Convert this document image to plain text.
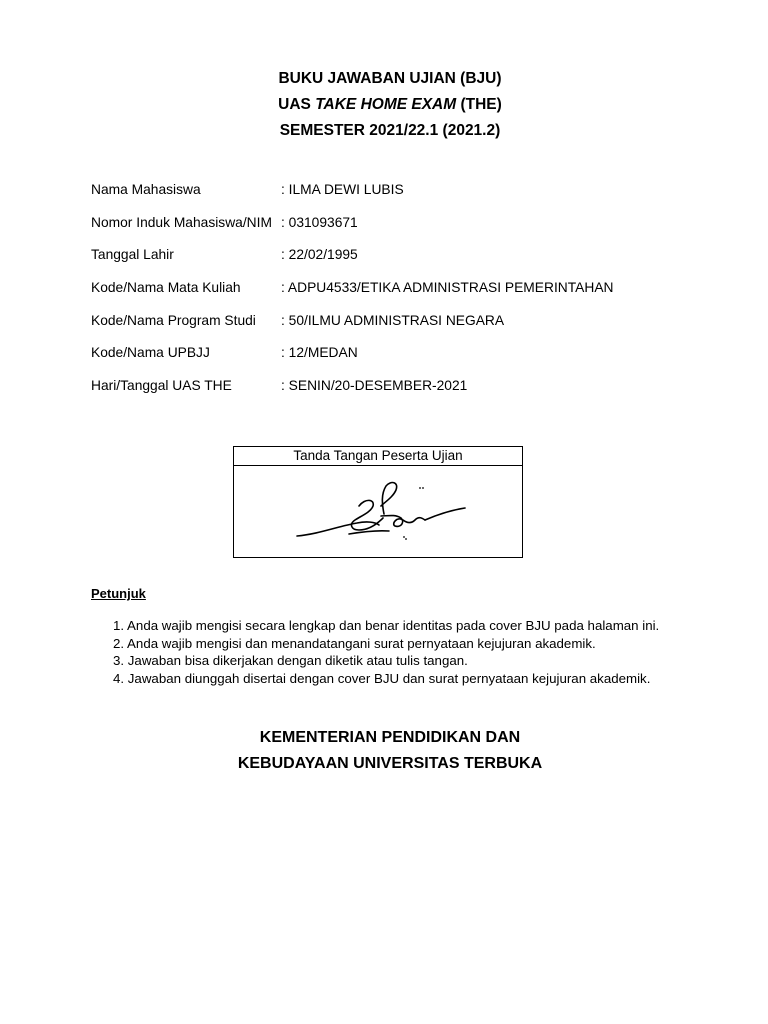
BUKU JAWABAN UJIAN (BJU)
UAS TAKE HOME EXAM (THE)
SEMESTER 2021/22.1 (2021.2)
Nama Mahasiswa	: ILMA DEWI LUBIS
Nomor Induk Mahasiswa/NIM : 031093671
Tanggal Lahir	: 22/02/1995
Kode/Nama Mata Kuliah	: ADPU4533/ETIKA ADMINISTRASI PEMERINTAHAN
Kode/Nama Program Studi : 50/ILMU ADMINISTRASI NEGARA
Kode/Nama UPBJJ	: 12/MEDAN
Hari/Tanggal UAS THE	: SENIN/20-DESEMBER-2021
Tanda Tangan Peserta Ujian
Petunjuk
1. Anda wajib mengisi secara lengkap dan benar identitas pada cover BJU pada halaman ini.
2. Anda wajib mengisi dan menandatangani surat pernyataan kejujuran akademik.
3. Jawaban bisa dikerjakan dengan diketik atau tulis tangan.
4. Jawaban diunggah disertai dengan cover BJU dan surat pernyataan kejujuran akademik.
KEMENTERIAN PENDIDIKAN DAN
KEBUDAYAAN UNIVERSITAS TERBUKA
